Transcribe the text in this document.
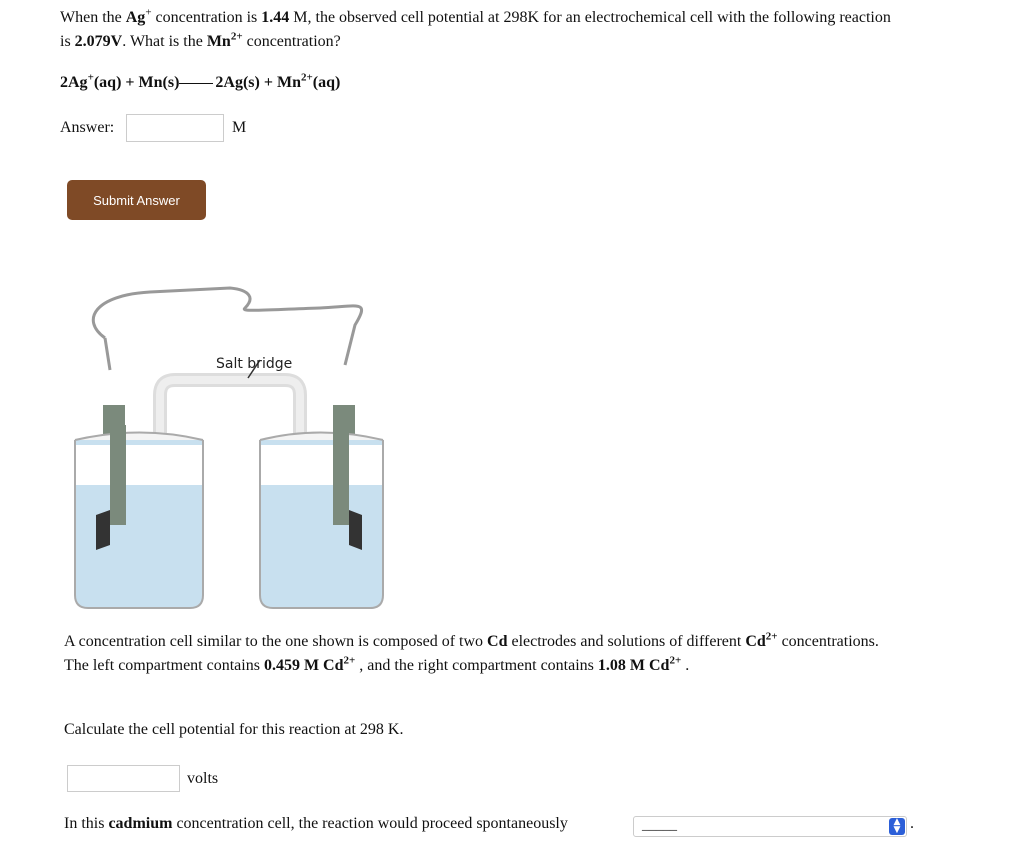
When the Ag+ concentration is 1.44 M, the observed cell potential at 298K for an electrochemical cell with the following reaction
is 2.079V. What is the $Mn^{2+}$ concentration?
2Ag+(aq) + Mn(s) $2Ag(s) + Mn^{2+}(aq)$
Answer:	M
Submit Answer
Salt bridge
A concentration cell similar to the one shown is composed of two Cd electrodes and solutions of different $Cd^{2+}$ concentrations.
The left compartment contains 0.459 M $Cd^{2+}$ , and the right compartment contains 1.08 M $Cd^{2+}$ .
Calculate the cell potential for this reaction at 298 K.
volts
In this cadmium concentration cell, the reaction would proceed spontaneously	_____	▲
▼ .
